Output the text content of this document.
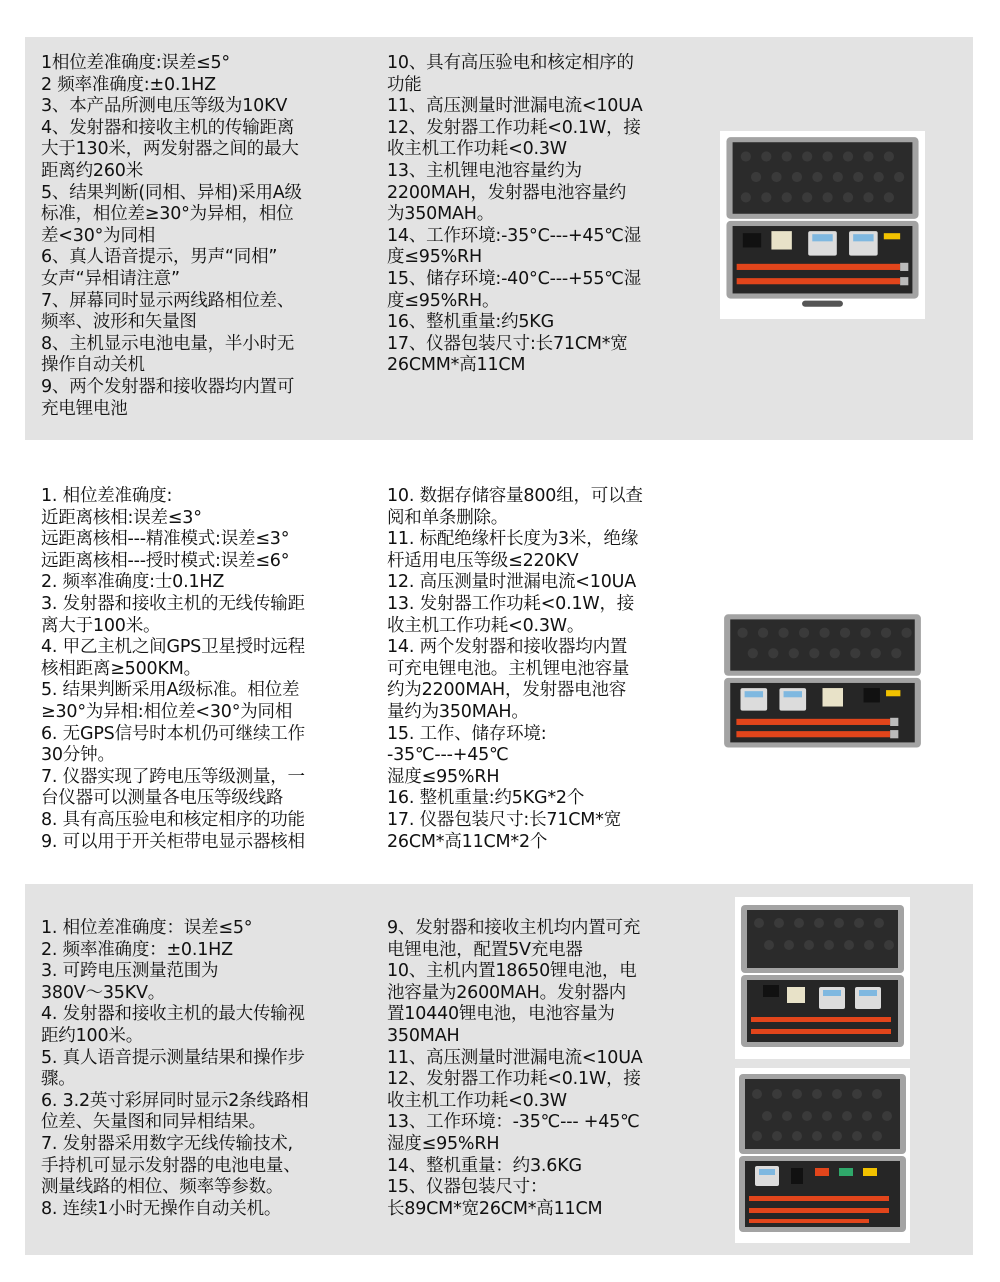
1相位差准确度:误差≤5°
2 频率准确度:±0.1HZ
3、本产品所测电压等级为10KV
4、发射器和接收主机的传输距离
大于130米，两发射器之间的最大
距离约260米
5、结果判断(同相、异相)采用A级
标准，相位差≥30°为异相，相位
差<30°为同相
6、真人语音提示，男声“同相”
女声“异相请注意”
7、屏幕同时显示两线路相位差、
频率、波形和矢量图
8、主机显示电池电量，半小时无
操作自动关机
9、两个发射器和接收器均内置可
充电锂电池
10、具有高压验电和核定相序的
功能
11、高压测量时泄漏电流<10UA
12、发射器工作功耗<0.1W，接
收主机工作功耗<0.3W
13、主机锂电池容量约为
2200MAH，发射器电池容量约
为350MAH。
14、工作环境:-35°C---+45℃湿
度≤95%RH
15、储存环境:-40°C---+55℃湿
度≤95%RH。
16、整机重量:约5KG
17、仪器包装尺寸:长71CM*宽
26CMM*高11CM
1. 相位差准确度:
近距离核相:误差≤3°
远距离核相---精准模式:误差≤3°
远距离核相---授时模式:误差≤6°
2. 频率准确度:士0.1HZ
3. 发射器和接收主机的无线传输距
离大于100米。
4. 甲乙主机之间GPS卫星授时远程
核相距离≥500KM。
5. 结果判断采用A级标准。相位差
≥30°为异相:相位差<30°为同相
6. 无GPS信号时本机仍可继续工作
30分钟。
7. 仪器实现了跨电压等级测量，一
台仪器可以测量各电压等级线路
8. 具有高压验电和核定相序的功能
9. 可以用于开关柜带电显示器核相
10. 数据存储容量800组，可以查
阅和单条删除。
11. 标配绝缘杆长度为3米，绝缘
杆适用电压等级≤220KV
12. 高压测量时泄漏电流<10UA
13. 发射器工作功耗<0.1W，接
收主机工作功耗<0.3W。
14. 两个发射器和接收器均内置
可充电锂电池。主机锂电池容量
约为2200MAH，发射器电池容
量约为350MAH。
15. 工作、储存环境:
-35℃---+45℃
湿度≤95%RH
16. 整机重量:约5KG*2个
17. 仪器包装尺寸:长71CM*宽
26CM*高11CM*2个
1. 相位差准确度：误差≤5°
2. 频率准确度：±0.1HZ
3. 可跨电压测量范围为
380V～35KV。
4. 发射器和接收主机的最大传输视
距约100米。
5. 真人语音提示测量结果和操作步
骤。
6. 3.2英寸彩屏同时显示2条线路相
位差、矢量图和同异相结果。
7. 发射器采用数字无线传输技术,
手持机可显示发射器的电池电量、
测量线路的相位、频率等参数。
8. 连续1小时无操作自动关机。
9、发射器和接收主机均内置可充
电锂电池，配置5V充电器
10、主机内置18650锂电池，电
池容量为2600MAH。发射器内
置10440锂电池，电池容量为
350MAH
11、高压测量时泄漏电流<10UA
12、发射器工作功耗<0.1W，接
收主机工作功耗<0.3W
13、工作环境：-35℃--- +45℃
湿度≤95%RH
14、整机重量：约3.6KG
15、仪器包装尺寸：
长89CM*宽26CM*高11CM
